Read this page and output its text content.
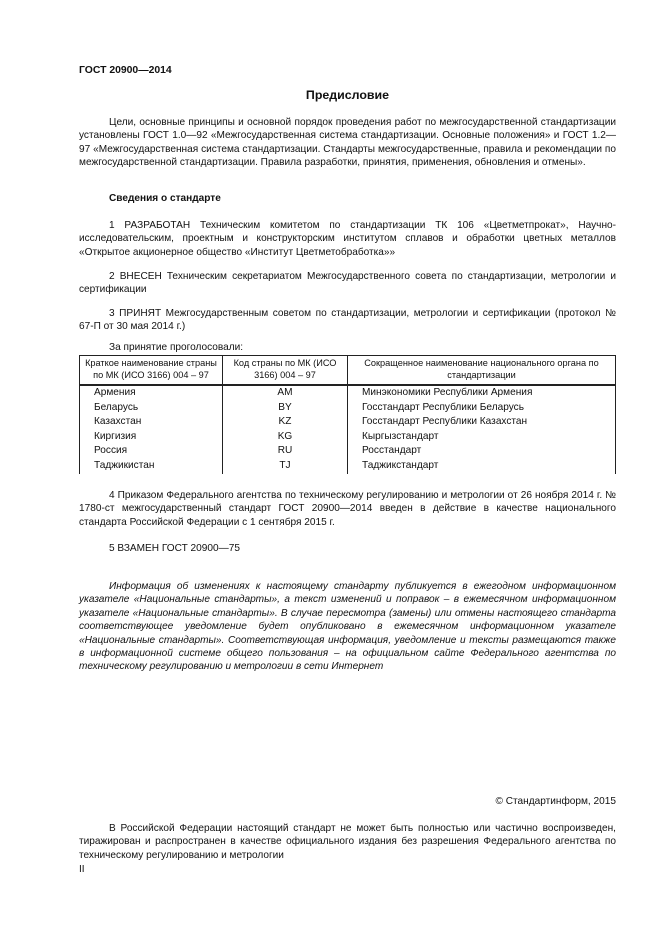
ГОСТ 20900—2014
Предисловие
Цели, основные принципы и основной порядок проведения работ по межгосударственной стандартизации установлены ГОСТ 1.0—92 «Межгосударственная система стандартизации. Основные положения» и ГОСТ 1.2—97 «Межгосударственная система стандартизации. Стандарты межгосударственные, правила и рекомендации по межгосударственной стандартизации. Правила разработки, принятия, применения, обновления и отмены».
Сведения о стандарте
1 РАЗРАБОТАН Техническим комитетом по стандартизации ТК 106 «Цветметпрокат», Научно-исследовательским, проектным и конструкторским институтом сплавов и обработки цветных металлов «Открытое акционерное общество «Институт Цветметобработка»»
2 ВНЕСЕН Техническим секретариатом Межгосударственного совета по стандартизации, метрологии и сертификации
3 ПРИНЯТ Межгосударственным советом по стандартизации, метрологии и сертификации (протокол № 67-П от 30 мая 2014 г.)
За принятие проголосовали:
Краткое наименование страны по МК (ИСО 3166) 004 – 97	Код страны по МК (ИСО 3166) 004 – 97	Сокращенное наименование национального органа по стандартизации
Армения	AM	Минэкономики Республики Армения
Беларусь	BY	Госстандарт Республики Беларусь
Казахстан	KZ	Госстандарт Республики Казахстан
Киргизия	KG	Кыргызстандарт
Россия	RU	Росстандарт
Таджикистан	TJ	Таджикстандарт
4 Приказом Федерального агентства по техническому регулированию и метрологии от 26 ноября 2014 г. № 1780-ст межгосударственный стандарт ГОСТ 20900—2014 введен в действие в качестве национального стандарта Российской Федерации с 1 сентября 2015 г.
5 ВЗАМЕН ГОСТ 20900—75
Информация об изменениях к настоящему стандарту публикуется в ежегодном информационном указателе «Национальные стандарты», а текст изменений и поправок – в ежемесячном информационном указателе «Национальные стандарты». В случае пересмотра (замены) или отмены настоящего стандарта соответствующее уведомление будет опубликовано в ежемесячном информационном указателе «Национальные стандарты». Соответствующая информация, уведомление и тексты размещаются также в информационной системе общего пользования – на официальном сайте Федерального агентства по техническому регулированию и метрологии в сети Интернет
© Стандартинформ, 2015
В Российской Федерации настоящий стандарт не может быть полностью или частично воспроизведен, тиражирован и распространен в качестве официального издания без разрешения Федерального агентства по техническому регулированию и метрологии
II
